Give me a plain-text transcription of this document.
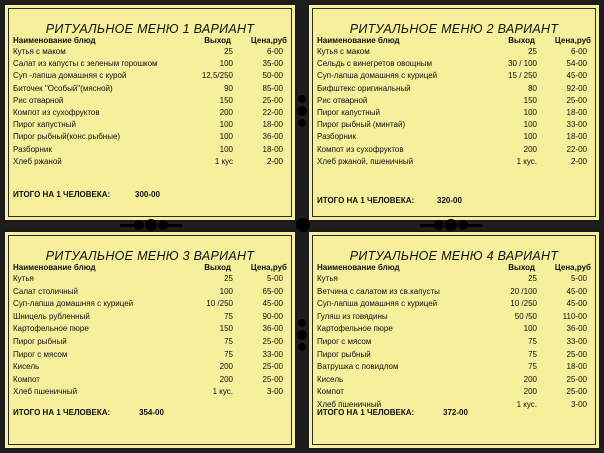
РИТУАЛЬНОЕ МЕНЮ 1 ВАРИАНТ
Наименование блюд	Выход Цена,руб
Кутья с маком	25	6-00
Салат из капусты с зеленым горошком	100	35-00
Суп -лапша домашняя с курой	12,5/250	50-00
Биточек "Особый"(мясной)	90	85-00
Рис отварной	150	25-00
Компот из сухофруктов	200	22-00
Пирог капустный	100	18-00
Пирог рыбный(конс.рыбные)	100	36-00
Разборник	100	18-00
Хлеб ржаной	1 кус	2-00
ИТОГО НА 1 ЧЕЛОВЕКА:	300-00
РИТУАЛЬНОЕ МЕНЮ 2 ВАРИАНТ
Наименование блюд	Выход Цена,руб
Кутья с маком	25	6-00
Сельдь с винегретов овощным	30 / 100	54-00
Суп-лапша домашняя с курицей	15 / 250	45-00
Бифштекс оригинальный	80	92-00
Рис отварной	150	25-00
Пирог капустный	100	18-00
Пирог рыбный (минтай)	100	33-00
Разборник	100	18-00
Компот из сухофруктов	200	22-00
Хлеб ржаной, пшеничный	1 кус.	2-00
ИТОГО НА 1 ЧЕЛОВЕКА:	320-00
РИТУАЛЬНОЕ МЕНЮ 3 ВАРИАНТ
Наименование блюд	Выход Цена,руб
Кутья	25	5-00
Салат столичный	100	65-00
Суп-лапша домашняя с курицей	10 /250	45-00
Шницель рубленный	75	90-00
Картофельное пюре	150	36-00
Пирог рыбный	75	25-00
Пирог с мясом	75	33-00
Кисель	200	25-00
Компот	200	25-00
Хлеб пшеничный	1 кус.	3-00
ИТОГО НА 1 ЧЕЛОВЕКА:	354-00
РИТУАЛЬНОЕ МЕНЮ 4 ВАРИАНТ
Наименование блюд	Выход Цена,руб
Кутья	25	5-00
Ветчина с салатом из св.капусты	20 /100	45-00
Суп-лапша домашняя с курицей	10 /250	45-00
Гуляш из говядины	50 /50	110-00
Картофельное пюре	100	36-00
Пирог с мясом	75	33-00
Пирог рыбный	75	25-00
Ватрушка с повидлом	75	18-00
Кисель	200	25-00
Компот	200	25-00
Хлеб пшеничный	1 кус.	3-00
ИТОГО НА 1 ЧЕЛОВЕКА:	372-00
